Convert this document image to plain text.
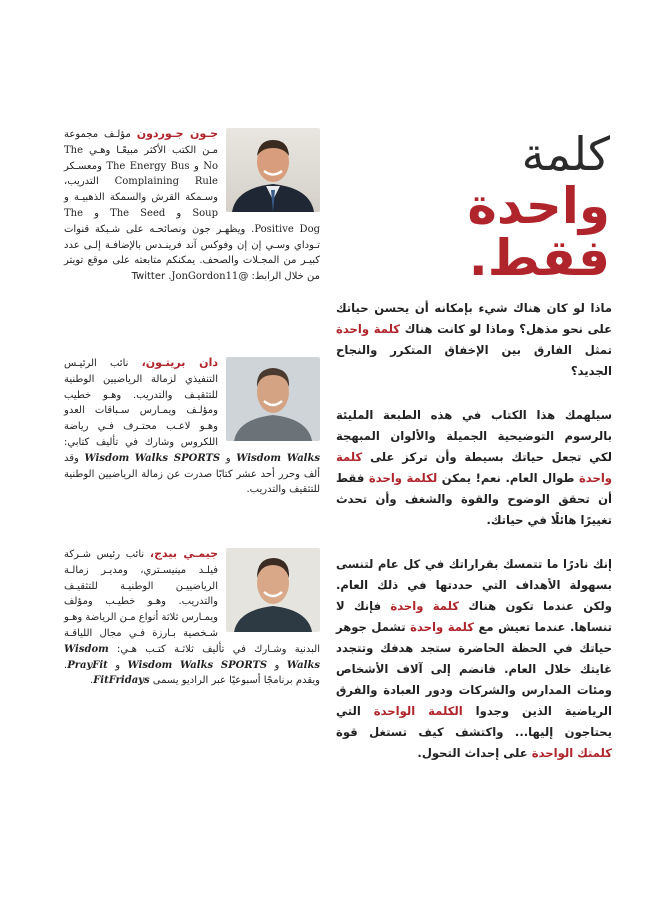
كلمة
واحدة
فقط.

ماذا لو كان هناك شيء بإمكانه أن يحسن حياتك على نحو مذهل؟ وماذا لو كانت هناك كلمة واحدة تمثل الفارق بين الإخفاق المتكرر والنجاح الجديد؟

سيلهمك هذا الكتاب في هذه الطبعة المليئة بالرسوم التوضيحية الجميلة والألوان المبهجة لكي تجعل حياتك بسيطة وأن تركز على كلمة واحدة طوال العام. نعم! يمكن لكلمة واحدة فقط أن تحقق الوضوح والقوة والشغف وأن تحدث تغييرًا هائلًا في حياتك.

إنك نادرًا ما تتمسك بقراراتك في كل عام لتنسى بسهولة الأهداف التي حددتها في ذلك العام. ولكن عندما تكون هناك كلمة واحدة فإنك لا تنساها. عندما تعيش مع كلمة واحدة تشمل جوهر حياتك في الحظة الحاضرة ستجد هدفك وتتجدد غايتك خلال العام. فانضم إلى آلاف الأشخاص ومئات المدارس والشركات ودور العبادة والفرق الرياضية الذين وجدوا الكلمة الواحدة التي يحتاجون إليها... واكتشف كيف تستغل قوة كلمتك الواحدة على إحداث التحول.

جـون جـوردون مؤلـف مجموعة مـن الكتب الأكثر مبيعًـا وهـي The No و The Energy Bus ومعسـكر Complaining Rule التدريب، وسـمكة القرش والسمكة الذهبيـة و Soup و The Seed و The Positive Dog. ويظهـر جون ونصائحـه على شـبكة قنوات تـوداي وسـي إن إن وفوكس آند فرينـدس بالإضافـة إلـى عدد كبيـر من المجـلات والصحف. يمكنكم متابعته على موقع تويتر من خلال الرابط: @Twitter .JonGordon11
دان بريتـون، نائب الرئيـس التنفيذي لزمالة الرياضيين الوطنية للتثقيـف والتدريب. وهـو خطيب ومؤلـف ويمـارس سـباقات العدو وهـو لاعـب محتـرف فـي رياضة اللكروس وشارك في تأليف كتابي: Wisdom Walks و Wisdom Walks SPORTS وقد ألف وحرر أحد عشر كتابًا صدرت عن زمالة الرياضيين الوطنية للتثقيف والتدريب.
جيمـي بيدج، نائب رئيس شـركة فيلـد مينيسـتري، ومديـر زمالـة الرياضييـن الوطنيـة للتثقيـف والتدريب. وهـو خطيـب ومؤلف ويمـارس ثلاثة أنواع مـن الرياضة وهـو شـخصية بـارزة فـي مجال اللياقـة البدنية وشـارك في تأليف ثلاثـة كتـب هـي: Wisdom Walks و Wisdom Walks SPORTS و PrayFit. ويقدم برنامجًا أسبوعيًا عبر الراديو يسمى FitFridays.
